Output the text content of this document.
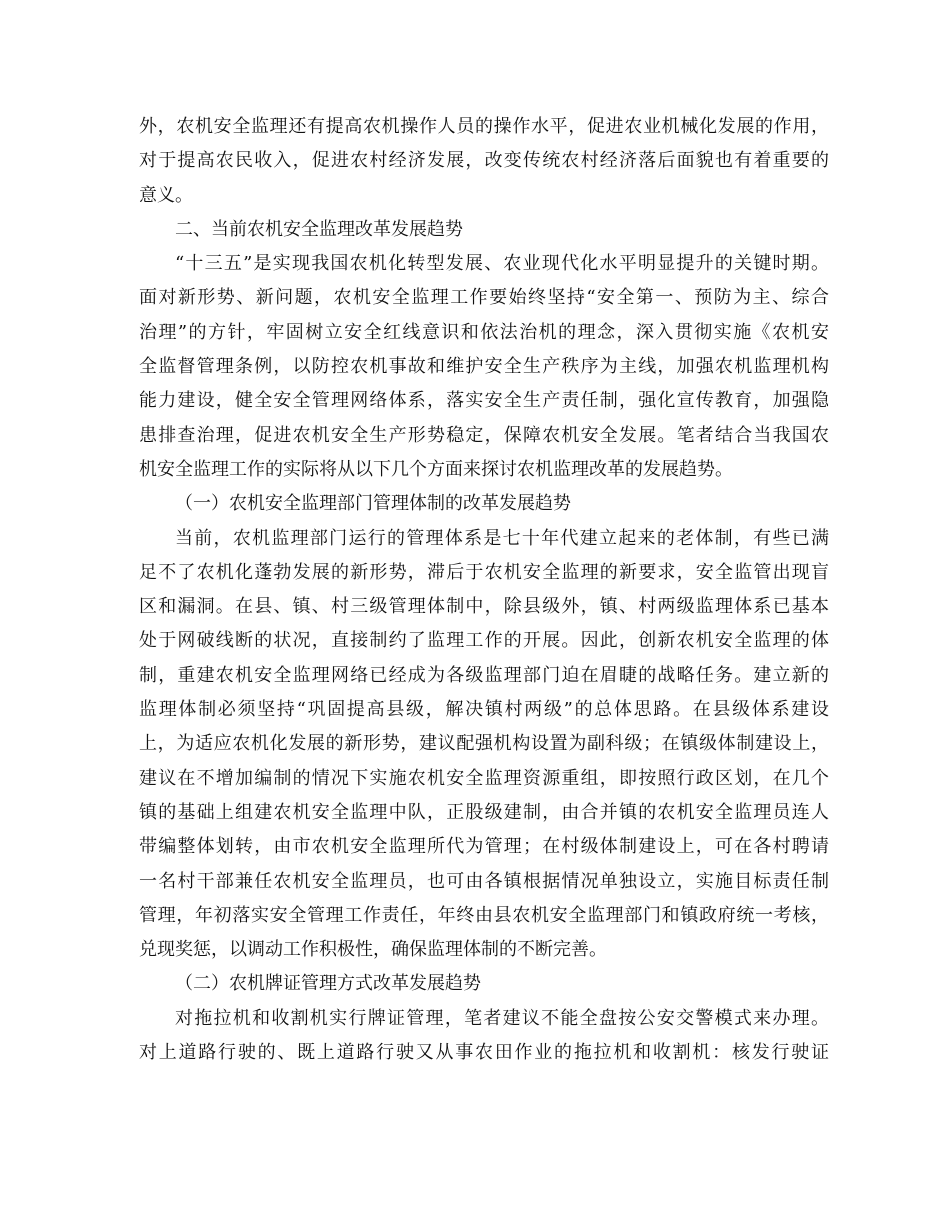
外，农机安全监理还有提高农机操作人员的操作水平，促进农业机械化发展的作用，
对于提高农民收入，促进农村经济发展，改变传统农村经济落后面貌也有着重要的
意义。
二、当前农机安全监理改革发展趋势
“十三五”是实现我国农机化转型发展、农业现代化水平明显提升的关键时期。
面对新形势、新问题，农机安全监理工作要始终坚持“安全第一、预防为主、综合
治理”的方针，牢固树立安全红线意识和依法治机的理念，深入贯彻实施《农机安
全监督管理条例，以防控农机事故和维护安全生产秩序为主线，加强农机监理机构
能力建设，健全安全管理网络体系，落实安全生产责任制，强化宣传教育，加强隐
患排查治理，促进农机安全生产形势稳定，保障农机安全发展。笔者结合当我国农
机安全监理工作的实际将从以下几个方面来探讨农机监理改革的发展趋势。
（一）农机安全监理部门管理体制的改革发展趋势
当前，农机监理部门运行的管理体系是七十年代建立起来的老体制，有些已满
足不了农机化蓬勃发展的新形势，滞后于农机安全监理的新要求，安全监管出现盲
区和漏洞。在县、镇、村三级管理体制中，除县级外，镇、村两级监理体系已基本
处于网破线断的状况，直接制约了监理工作的开展。因此，创新农机安全监理的体
制，重建农机安全监理网络已经成为各级监理部门迫在眉睫的战略任务。建立新的
监理体制必须坚持“巩固提高县级，解决镇村两级”的总体思路。在县级体系建设
上，为适应农机化发展的新形势，建议配强机构设置为副科级；在镇级体制建设上，
建议在不增加编制的情况下实施农机安全监理资源重组，即按照行政区划，在几个
镇的基础上组建农机安全监理中队，正股级建制，由合并镇的农机安全监理员连人
带编整体划转，由市农机安全监理所代为管理；在村级体制建设上，可在各村聘请
一名村干部兼任农机安全监理员，也可由各镇根据情况单独设立，实施目标责任制
管理，年初落实安全管理工作责任，年终由县农机安全监理部门和镇政府统一考核，
兑现奖惩，以调动工作积极性，确保监理体制的不断完善。
（二）农机牌证管理方式改革发展趋势
对拖拉机和收割机实行牌证管理，笔者建议不能全盘按公安交警模式来办理。
对上道路行驶的、既上道路行驶又从事农田作业的拖拉机和收割机：核发行驶证
